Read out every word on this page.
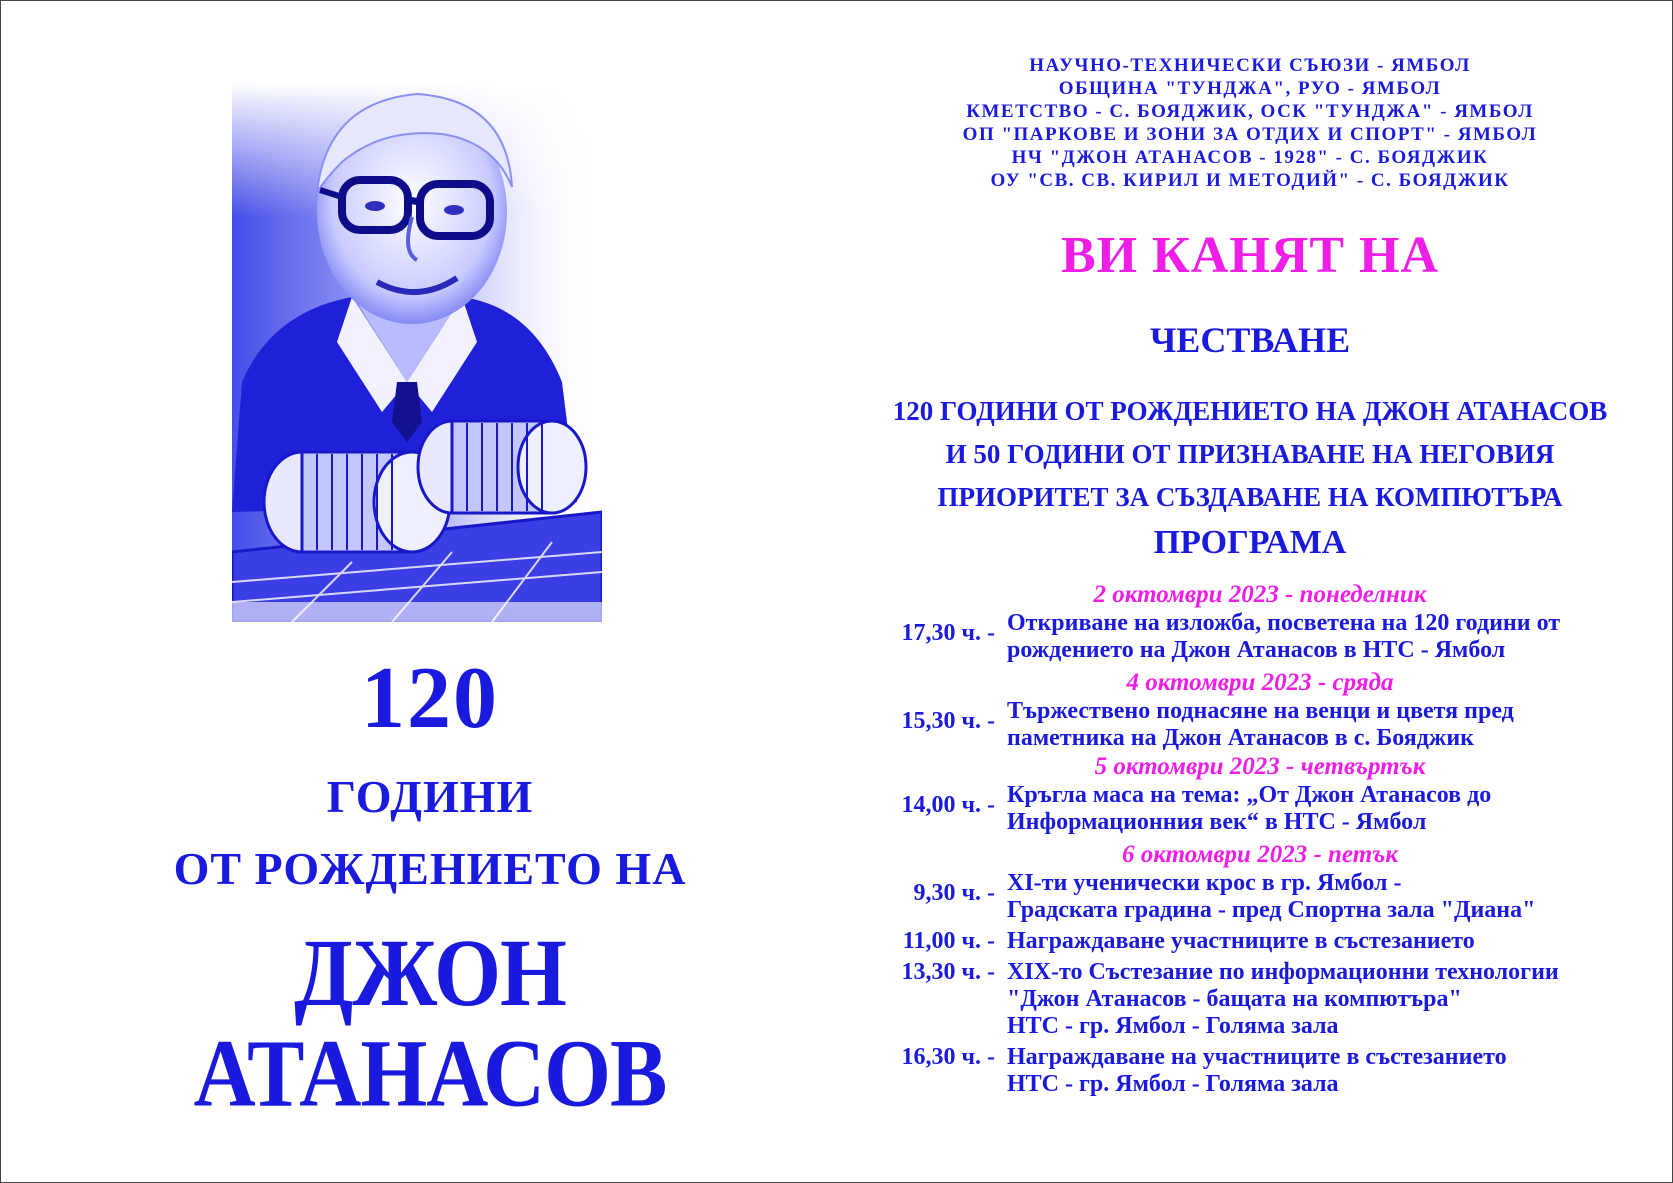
120
ГОДИНИ
ОТ РОЖДЕНИЕТО НА
ДЖОН АТАНАСОВ
НАУЧНО-ТЕХНИЧЕСКИ СЪЮЗИ - ЯМБОЛ
ОБЩИНА "ТУНДЖА", РУО - ЯМБОЛ
КМЕТСТВО - С. БОЯДЖИК, ОСК "ТУНДЖА" - ЯМБОЛ
ОП "ПАРКОВЕ И ЗОНИ ЗА ОТДИХ И СПОРТ" - ЯМБОЛ
НЧ "ДЖОН АТАНАСОВ - 1928" - С. БОЯДЖИК
ОУ "СВ. СВ. КИРИЛ И МЕТОДИЙ" - С. БОЯДЖИК
ВИ КАНЯТ НА
ЧЕСТВАНЕ
120 ГОДИНИ ОТ РОЖДЕНИЕТО НА ДЖОН АТАНАСОВ
И 50 ГОДИНИ ОТ ПРИЗНАВАНЕ НА НЕГОВИЯ
ПРИОРИТЕТ ЗА СЪЗДАВАНЕ НА КОМПЮТЪРА
ПРОГРАМА
2 октомври 2023 - понеделник
17,30 ч. - Откриване на изложба, посветена на 120 години от
рождението на Джон Атанасов в НТС - Ямбол
4 октомври 2023 - сряда
15,30 ч. - Тържествено поднасяне на венци и цветя пред
паметника на Джон Атанасов в с. Бояджик
5 октомври 2023 - четвъртък
14,00 ч. - Кръгла маса на тема: „От Джон Атанасов до
Информационния век“ в НТС - Ямбол
6 октомври 2023 - петък
9,30 ч. - XI-ти ученически крос в гр. Ямбол -
Градската градина - пред Спортна зала "Диана"
11,00 ч. - Награждаване участниците в състезанието
13,30 ч. - XIX-то Състезание по информационни технологии
"Джон Атанасов - бащата на компютъра"
НТС - гр. Ямбол - Голяма зала
16,30 ч. - Награждаване на участниците в състезанието
НТС - гр. Ямбол - Голяма зала
